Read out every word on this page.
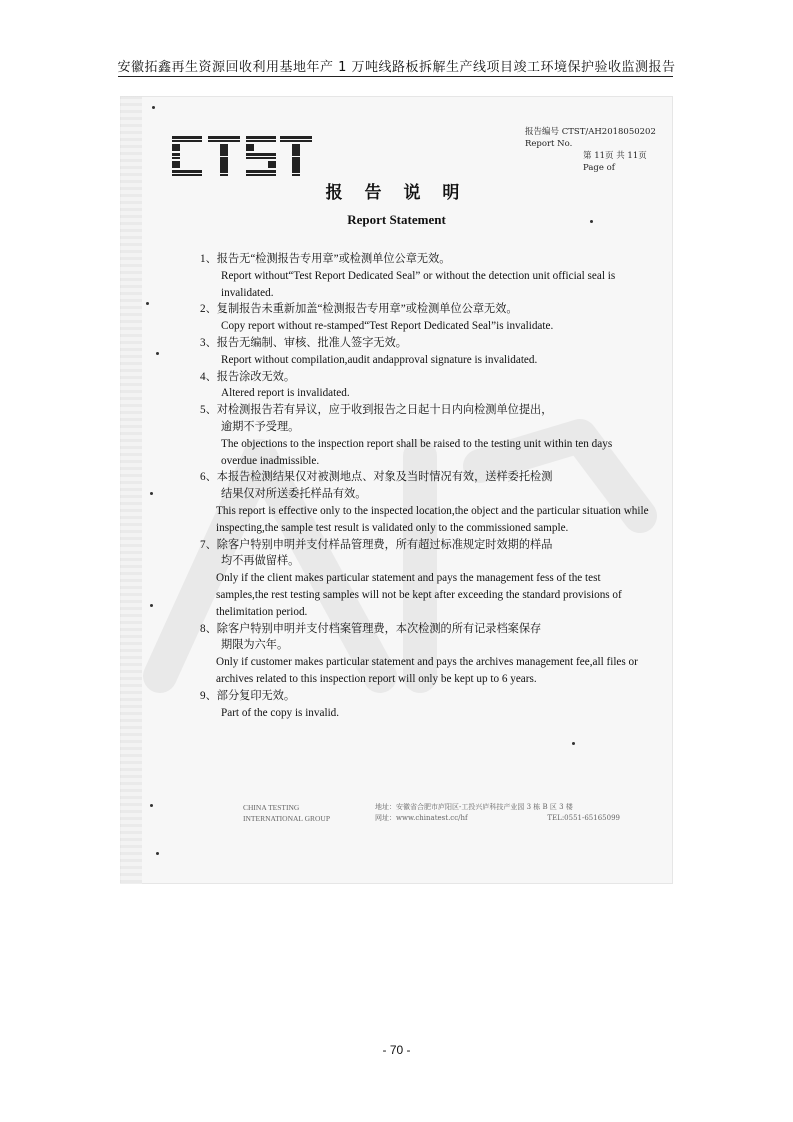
安徽拓鑫再生资源回收利用基地年产 1 万吨线路板拆解生产线项目竣工环境保护验收监测报告
报告编号 CTST/AH2018050202
Report No.
第 11页 共 11页
Page of
报 告 说 明
Report Statement
1、报告无“检测报告专用章”或检测单位公章无效。
Report without“Test Report Dedicated Seal” or without the detection unit official seal is invalidated.
2、复制报告未重新加盖“检测报告专用章”或检测单位公章无效。
Copy report without re-stamped“Test Report Dedicated Seal”is invalidate.
3、报告无编制、审核、批准人签字无效。
Report without compilation,audit andapproval signature is invalidated.
4、报告涂改无效。
Altered report is invalidated.
5、对检测报告若有异议，应于收到报告之日起十日内向检测单位提出，
逾期不予受理。
The objections to the inspection report shall be raised to the testing unit within ten days overdue inadmissible.
6、本报告检测结果仅对被测地点、对象及当时情况有效，送样委托检测
结果仅对所送委托样品有效。
This report is effective only to the inspected location,the object and the particular situation while inspecting,the sample test result is validated only to the commissioned sample.
7、除客户特别申明并支付样品管理费，所有超过标准规定时效期的样品
均不再做留样。
Only if the client makes particular statement and pays the management fess of the test samples,the rest testing samples will not be kept after exceeding the standard provisions of thelimitation period.
8、除客户特别申明并支付档案管理费，本次检测的所有记录档案保存
期限为六年。
Only if customer makes particular statement and pays the archives management fee,all files or archives related to this inspection report will only be kept up to 6 years.
9、部分复印无效。
Part of the copy is invalid.
CHINA TESTING
INTERNATIONAL GROUP
地址：安徽省合肥市庐阳区-工投兴庐科技产业园 3 栋 B 区 3 楼
网址：www.chinatest.cc/hf	TEL:0551-65165099
- 70 -
